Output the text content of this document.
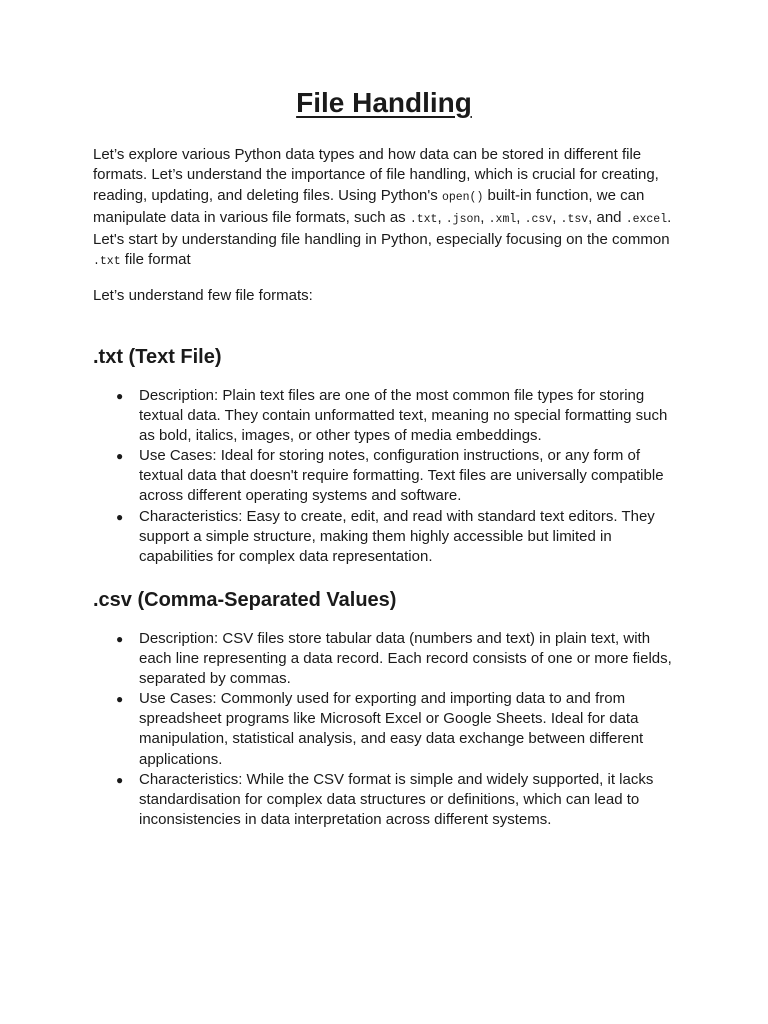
File Handling

Let’s explore various Python data types and how data can be stored in different file formats. Let’s understand the importance of file handling, which is crucial for creating, reading, updating, and deleting files. Using Python's open() built-in function, we can manipulate data in various file formats, such as .txt, .json, .xml, .csv, .tsv, and .excel. Let's start by understanding file handling in Python, especially focusing on the common .txt file format

Let’s understand few file formats:

.txt (Text File)
● Description: Plain text files are one of the most common file types for storing textual data. They contain unformatted text, meaning no special formatting such as bold, italics, images, or other types of media embeddings.
● Use Cases: Ideal for storing notes, configuration instructions, or any form of textual data that doesn't require formatting. Text files are universally compatible across different operating systems and software.
● Characteristics: Easy to create, edit, and read with standard text editors. They support a simple structure, making them highly accessible but limited in capabilities for complex data representation.
.csv (Comma-Separated Values)
● Description: CSV files store tabular data (numbers and text) in plain text, with each line representing a data record. Each record consists of one or more fields, separated by commas.
● Use Cases: Commonly used for exporting and importing data to and from spreadsheet programs like Microsoft Excel or Google Sheets. Ideal for data manipulation, statistical analysis, and easy data exchange between different applications.
● Characteristics: While the CSV format is simple and widely supported, it lacks standardisation for complex data structures or definitions, which can lead to inconsistencies in data interpretation across different systems.
